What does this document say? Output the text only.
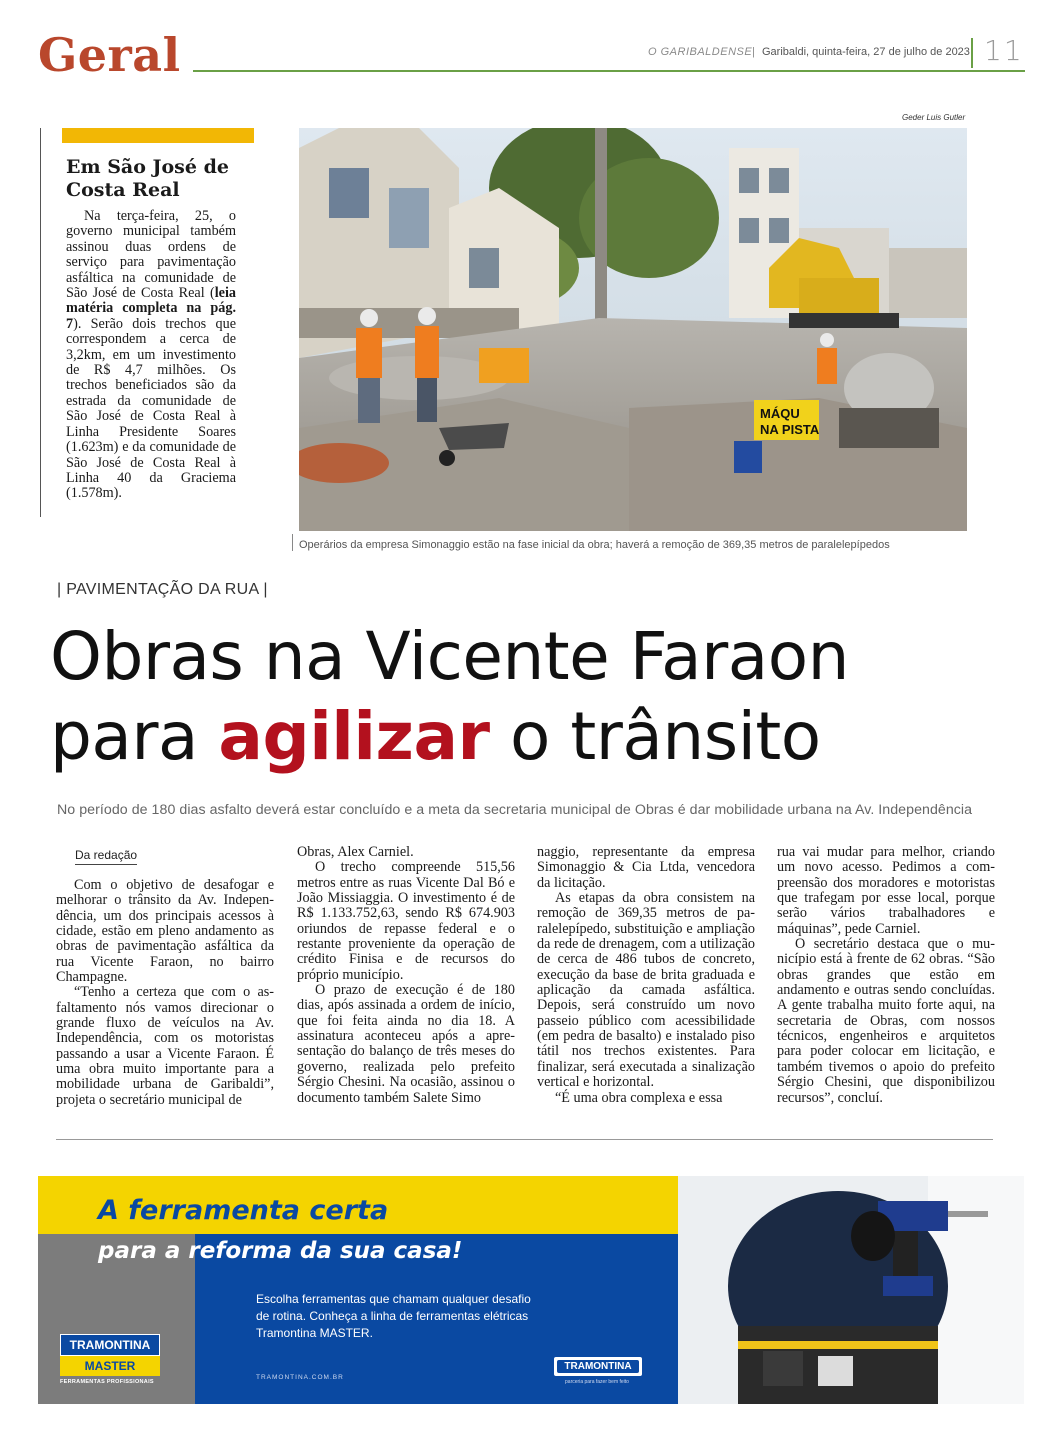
Geral	O GARIBALDENSE | Garibaldi, quinta-feira, 27 de julho de 2023 11
Em São José de Costa Real

Na terça-feira, 25, o governo municipal também assinou duas ordens de serviço para pavimentação asfáltica na comunidade de São José de Costa Real (leia matéria completa na pág. 7). Serão dois trechos que correspondem a cerca de 3,2km, em um investimento de R$ 4,7 milhões. Os trechos beneficiados são da estrada da comunidade de São José de Costa Real à Linha Presidente Soares (1.623m) e da comunidade de São José de Costa Real à Linha 40 da Graciema (1.578m).

Geder Luis Gutler
MÁQU
NA PISTA
Operários da empresa Simonaggio estão na fase inicial da obra; haverá a remoção de 369,35 metros de paralelepípedos
| PAVIMENTAÇÃO DA RUA |
Obras na Vicente Faraon
para agilizar o trânsito
No período de 180 dias asfalto deverá estar concluído e a meta da secretaria municipal de Obras é dar mobilidade urbana na Av. Independência
Da redação

Com o objetivo de desafogar e melhorar o trânsito da Av. Independência, um dos principais acessos à cidade, estão em pleno andamento as obras de pavimentação asfáltica da rua Vicente Faraon, no bairro Champagne.

“Tenho a certeza que com o asfaltamento nós vamos direcionar o grande fluxo de veículos na Av. Independência, com os motoristas passando a usar a Vicente Faraon. É uma obra muito importante para a mobilidade urbana de Garibaldi”, projeta o secretário municipal de

Obras, Alex Carniel.

O trecho compreende 515,56 metros entre as ruas Vicente Dal Bó e João Missiaggia. O investimento é de R$ 1.133.752,63, sendo R$ 674.903 oriundos de repasse federal e o restante proveniente da operação de crédito Finisa e de recursos do próprio município.

O prazo de execução é de 180 dias, após assinada a ordem de início, que foi feita ainda no dia 18. A assinatura aconteceu após a apresentação do balanço de três meses do governo, realizada pelo prefeito Sérgio Chesini. Na ocasião, assinou o documento também Salete Simo

naggio, representante da empresa Simonaggio & Cia Ltda, vencedora da licitação.

As etapas da obra consistem na remoção de 369,35 metros de paralelepípedo, substituição e ampliação da rede de drenagem, com a utilização de cerca de 486 tubos de concreto, execução da base de brita graduada e aplicação da camada asfáltica. Depois, será construído um novo passeio público com acessibilidade (em pedra de basalto) e instalado piso tátil nos trechos existentes. Para finalizar, será executada a sinalização vertical e horizontal.

“É uma obra complexa e essa

rua vai mudar para melhor, criando um novo acesso. Pedimos a compreensão dos moradores e motoristas que trafegam por esse local, porque serão vários trabalhadores e máquinas”, pede Carniel.

O secretário destaca que o município está à frente de 62 obras. “São obras grandes que estão em andamento e outras sendo concluídas. A gente trabalha muito forte aqui, na secretaria de Obras, com nossos técnicos, engenheiros e arquitetos para poder colocar em licitação, e também tivemos o apoio do prefeito Sérgio Chesini, que disponibilizou recursos”, concluí.

A ferramenta certa
para a reforma da sua casa!
Escolha ferramentas que chamam qualquer desafio de rotina. Conheça a linha de ferramentas elétricas Tramontina MASTER.
TRAMONTINA.COM.BR
TRAMONTINA
MASTER
FERRAMENTAS PROFISSIONAIS
TRAMONTINA
parceria para fazer bem feito
